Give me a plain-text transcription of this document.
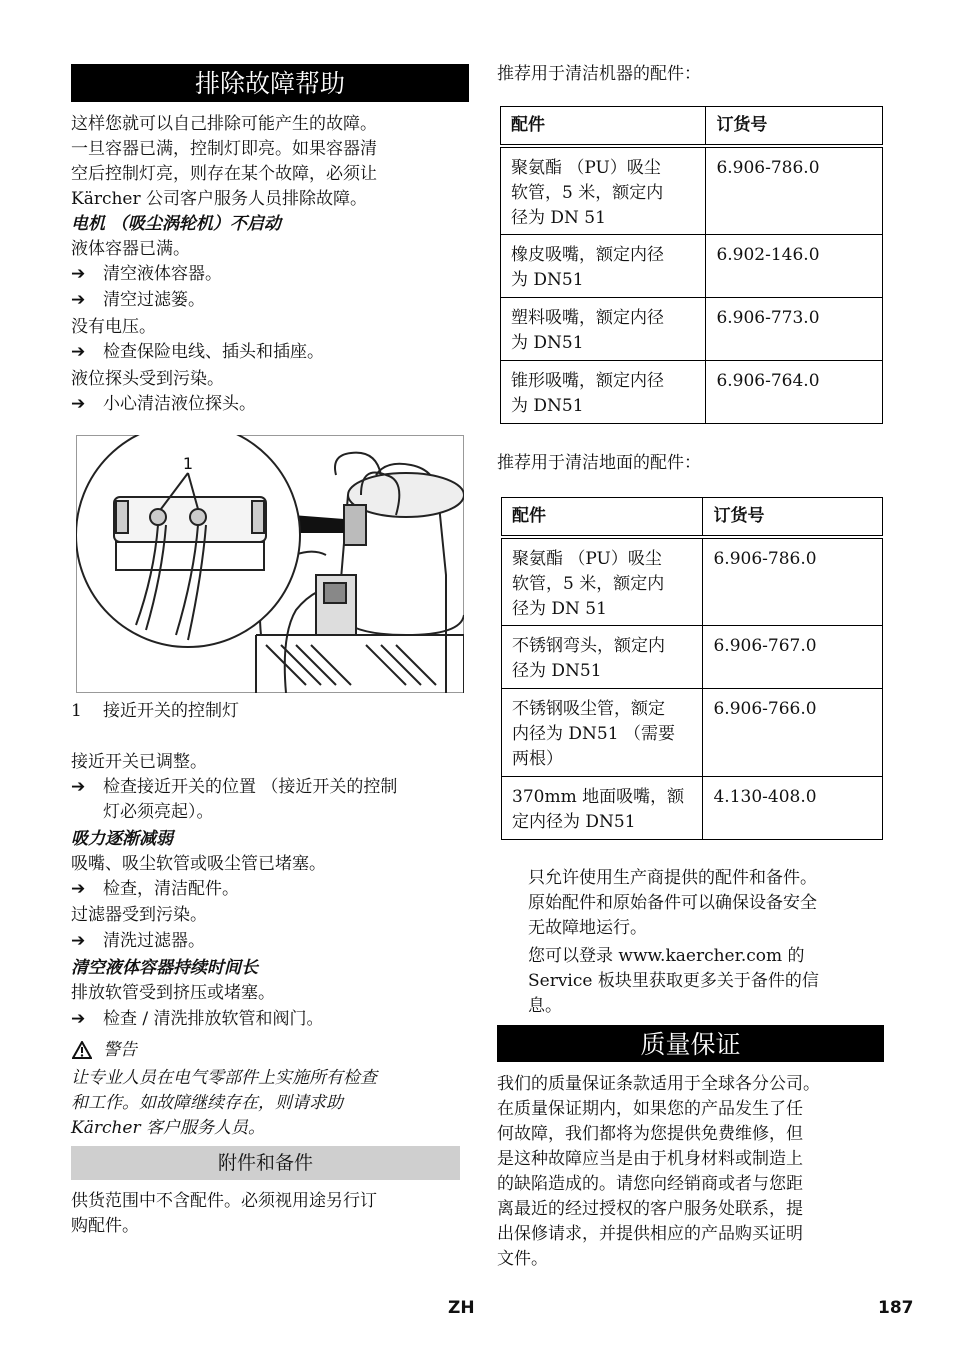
排除故障帮助
这样您就可以自己排除可能产生的故障。
一旦容器已满，控制灯即亮。如果容器清
空后控制灯亮，则存在某个故障，必须让
Kärcher 公司客户服务人员排除故障。
电机 （吸尘涡轮机）不启动
液体容器已满。
➔ 清空液体容器。
➔ 清空过滤篓。
没有电压。
➔ 检查保险电线、插头和插座。
液位探头受到污染。
➔ 小心清洁液位探头。
1
1 接近开关的控制灯
接近开关已调整。
➔ 检查接近开关的位置 （接近开关的控制
灯必须亮起）。
吸力逐渐减弱
吸嘴、吸尘软管或吸尘管已堵塞。
➔ 检查，清洁配件。
过滤器受到污染。
➔ 清洗过滤器。
清空液体容器持续时间长
排放软管受到挤压或堵塞。
➔ 检查 / 清洗排放软管和阀门。
警告
让专业人员在电气零部件上实施所有检查
和工作。如故障继续存在，则请求助
Kärcher 客户服务人员。
附件和备件
供货范围中不含配件。必须视用途另行订
购配件。
推荐用于清洁机器的配件：
配件	订货号

聚氨酯 （PU）吸尘
软管，5 米，额定内
径为 DN 51	6.906-786.0

橡皮吸嘴，额定内径
为 DN51	6.902-146.0

塑料吸嘴，额定内径
为 DN51	6.906-773.0

锥形吸嘴，额定内径
为 DN51	6.906-764.0
推荐用于清洁地面的配件：
配件	订货号

聚氨酯 （PU）吸尘
软管，5 米，额定内
径为 DN 51	6.906-786.0

不锈钢弯头，额定内
径为 DN51	6.906-767.0

不锈钢吸尘管，额定
内径为 DN51 （需要
两根）	6.906-766.0

370mm 地面吸嘴，额
定内径为 DN51	4.130-408.0
只允许使用生产商提供的配件和备件。
原始配件和原始备件可以确保设备安全
无故障地运行。
您可以登录 www.kaercher.com 的
Service 板块里获取更多关于备件的信
息。
质量保证
我们的质量保证条款适用于全球各分公司。
在质量保证期内，如果您的产品发生了任
何故障，我们都将为您提供免费维修，但
是这种故障应当是由于机身材料或制造上
的缺陷造成的。请您向经销商或者与您距
离最近的经过授权的客户服务处联系，提
出保修请求，并提供相应的产品购买证明
文件。
ZH	187
